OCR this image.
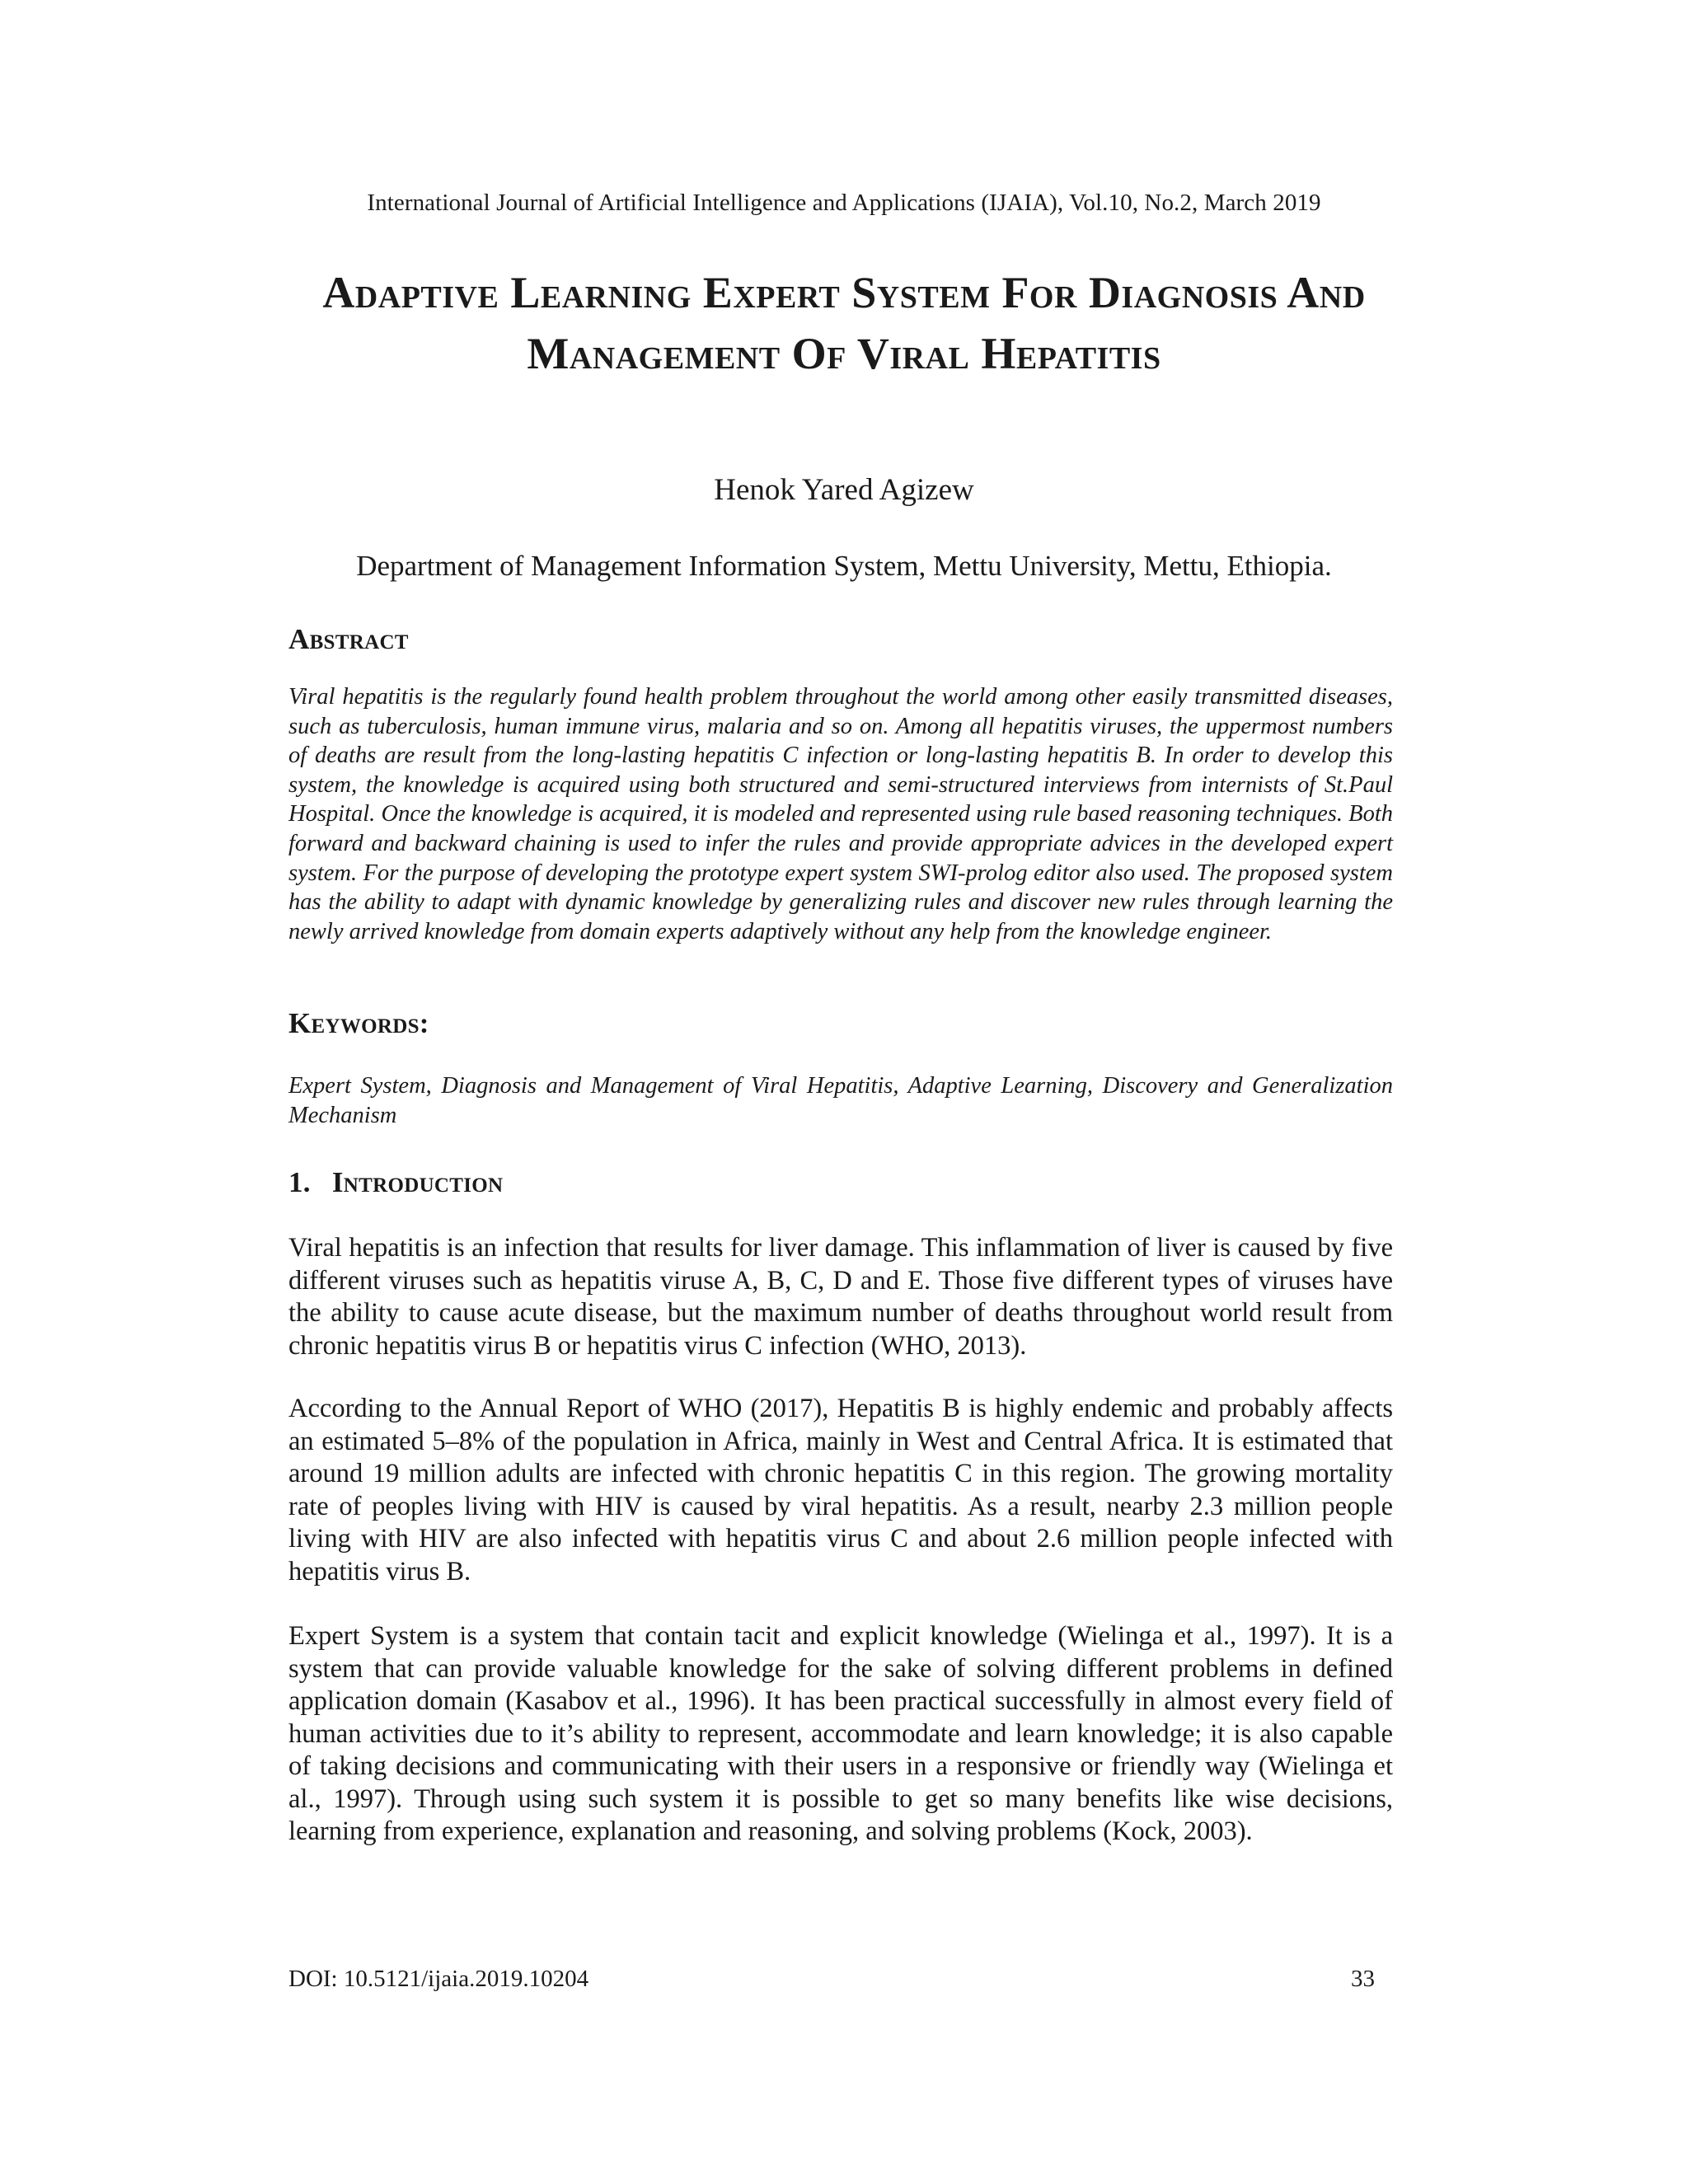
International Journal of Artificial Intelligence and Applications (IJAIA), Vol.10, No.2, March 2019
Adaptive Learning Expert System For Diagnosis And Management Of Viral Hepatitis
Henok Yared Agizew
Department of Management Information System, Mettu University, Mettu, Ethiopia.
Abstract
Viral hepatitis is the regularly found health problem throughout the world among other easily transmitted diseases, such as tuberculosis, human immune virus, malaria and so on. Among all hepatitis viruses, the uppermost numbers of deaths are result from the long-lasting hepatitis C infection or long-lasting hepatitis B. In order to develop this system, the knowledge is acquired using both structured and semi-structured interviews from internists of St.Paul Hospital. Once the knowledge is acquired, it is modeled and represented using rule based reasoning techniques. Both forward and backward chaining is used to infer the rules and provide appropriate advices in the developed expert system. For the purpose of developing the prototype expert system SWI-prolog editor also used. The proposed system has the ability to adapt with dynamic knowledge by generalizing rules and discover new rules through learning the newly arrived knowledge from domain experts adaptively without any help from the knowledge engineer.
Keywords:
Expert System, Diagnosis and Management of Viral Hepatitis, Adaptive Learning, Discovery and Generalization Mechanism
1. Introduction

Viral hepatitis is an infection that results for liver damage. This inflammation of liver is caused by five different viruses such as hepatitis viruse A, B, C, D and E. Those five different types of viruses have the ability to cause acute disease, but the maximum number of deaths throughout world result from chronic hepatitis virus B or hepatitis virus C infection (WHO, 2013).

According to the Annual Report of WHO (2017), Hepatitis B is highly endemic and probably affects an estimated 5–8% of the population in Africa, mainly in West and Central Africa. It is estimated that around 19 million adults are infected with chronic hepatitis C in this region. The growing mortality rate of peoples living with HIV is caused by viral hepatitis. As a result, nearby 2.3 million people living with HIV are also infected with hepatitis virus C and about 2.6 million people infected with hepatitis virus B.

Expert System is a system that contain tacit and explicit knowledge (Wielinga et al., 1997). It is a system that can provide valuable knowledge for the sake of solving different problems in defined application domain (Kasabov et al., 1996). It has been practical successfully in almost every field of human activities due to it’s ability to represent, accommodate and learn knowledge; it is also capable of taking decisions and communicating with their users in a responsive or friendly way (Wielinga et al., 1997). Through using such system it is possible to get so many benefits like wise decisions, learning from experience, explanation and reasoning, and solving problems (Kock, 2003).

DOI: 10.5121/ijaia.2019.10204	33
